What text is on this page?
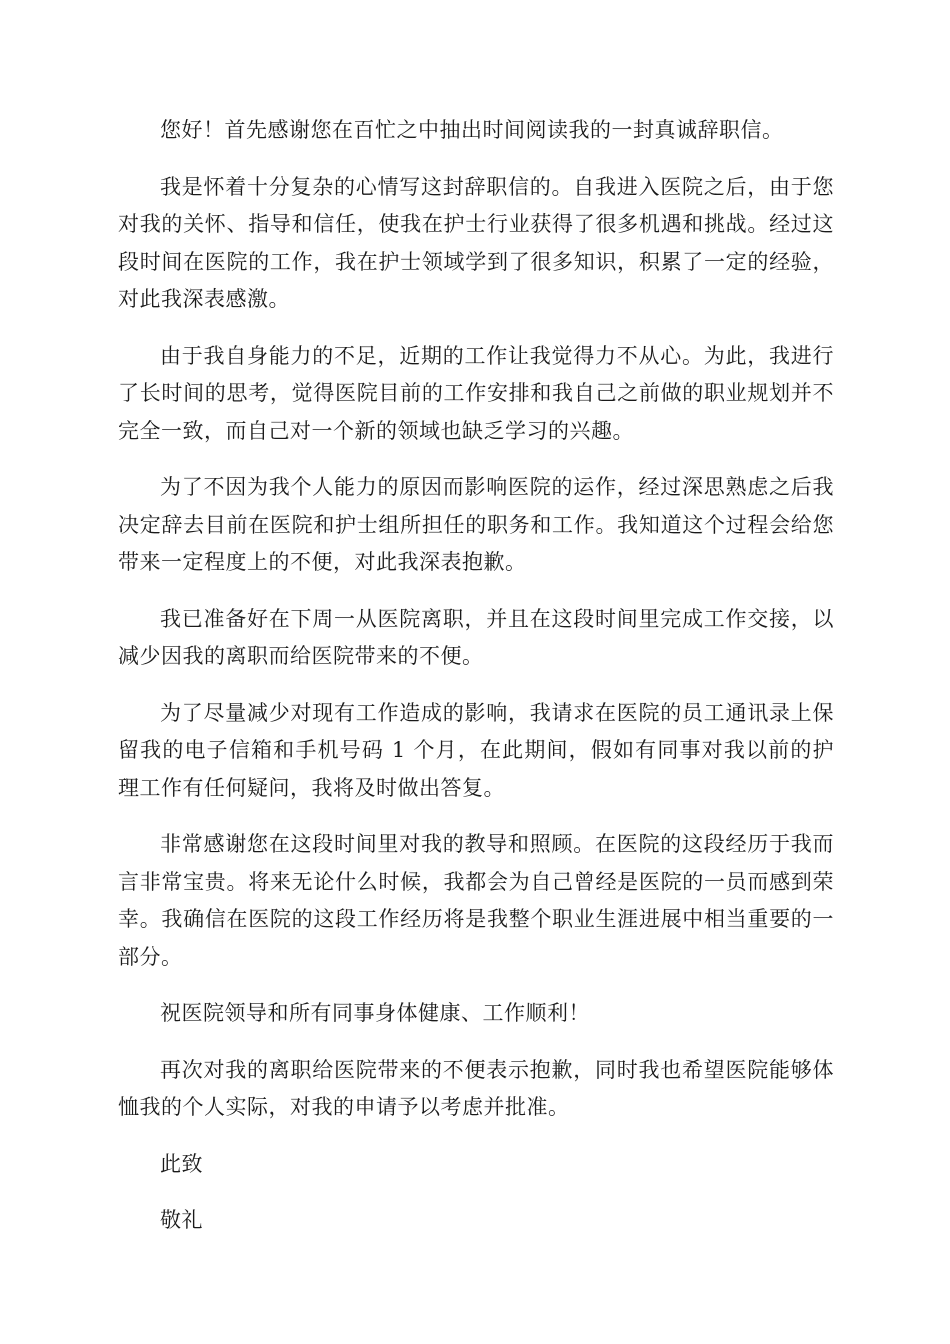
您好！首先感谢您在百忙之中抽出时间阅读我的一封真诚辞职信。

我是怀着十分复杂的心情写这封辞职信的。自我进入医院之后，由于您对我的关怀、指导和信任，使我在护士行业获得了很多机遇和挑战。经过这段时间在医院的工作，我在护士领域学到了很多知识，积累了一定的经验，对此我深表感激。

由于我自身能力的不足，近期的工作让我觉得力不从心。为此，我进行了长时间的思考，觉得医院目前的工作安排和我自己之前做的职业规划并不完全一致，而自己对一个新的领域也缺乏学习的兴趣。

为了不因为我个人能力的原因而影响医院的运作，经过深思熟虑之后我决定辞去目前在医院和护士组所担任的职务和工作。我知道这个过程会给您带来一定程度上的不便，对此我深表抱歉。

我已准备好在下周一从医院离职，并且在这段时间里完成工作交接，以减少因我的离职而给医院带来的不便。

为了尽量减少对现有工作造成的影响，我请求在医院的员工通讯录上保留我的电子信箱和手机号码 1 个月，在此期间，假如有同事对我以前的护理工作有任何疑问，我将及时做出答复。

非常感谢您在这段时间里对我的教导和照顾。在医院的这段经历于我而言非常宝贵。将来无论什么时候，我都会为自己曾经是医院的一员而感到荣幸。我确信在医院的这段工作经历将是我整个职业生涯进展中相当重要的一部分。

祝医院领导和所有同事身体健康、工作顺利！

再次对我的离职给医院带来的不便表示抱歉，同时我也希望医院能够体恤我的个人实际，对我的申请予以考虑并批准。

此致

敬礼
